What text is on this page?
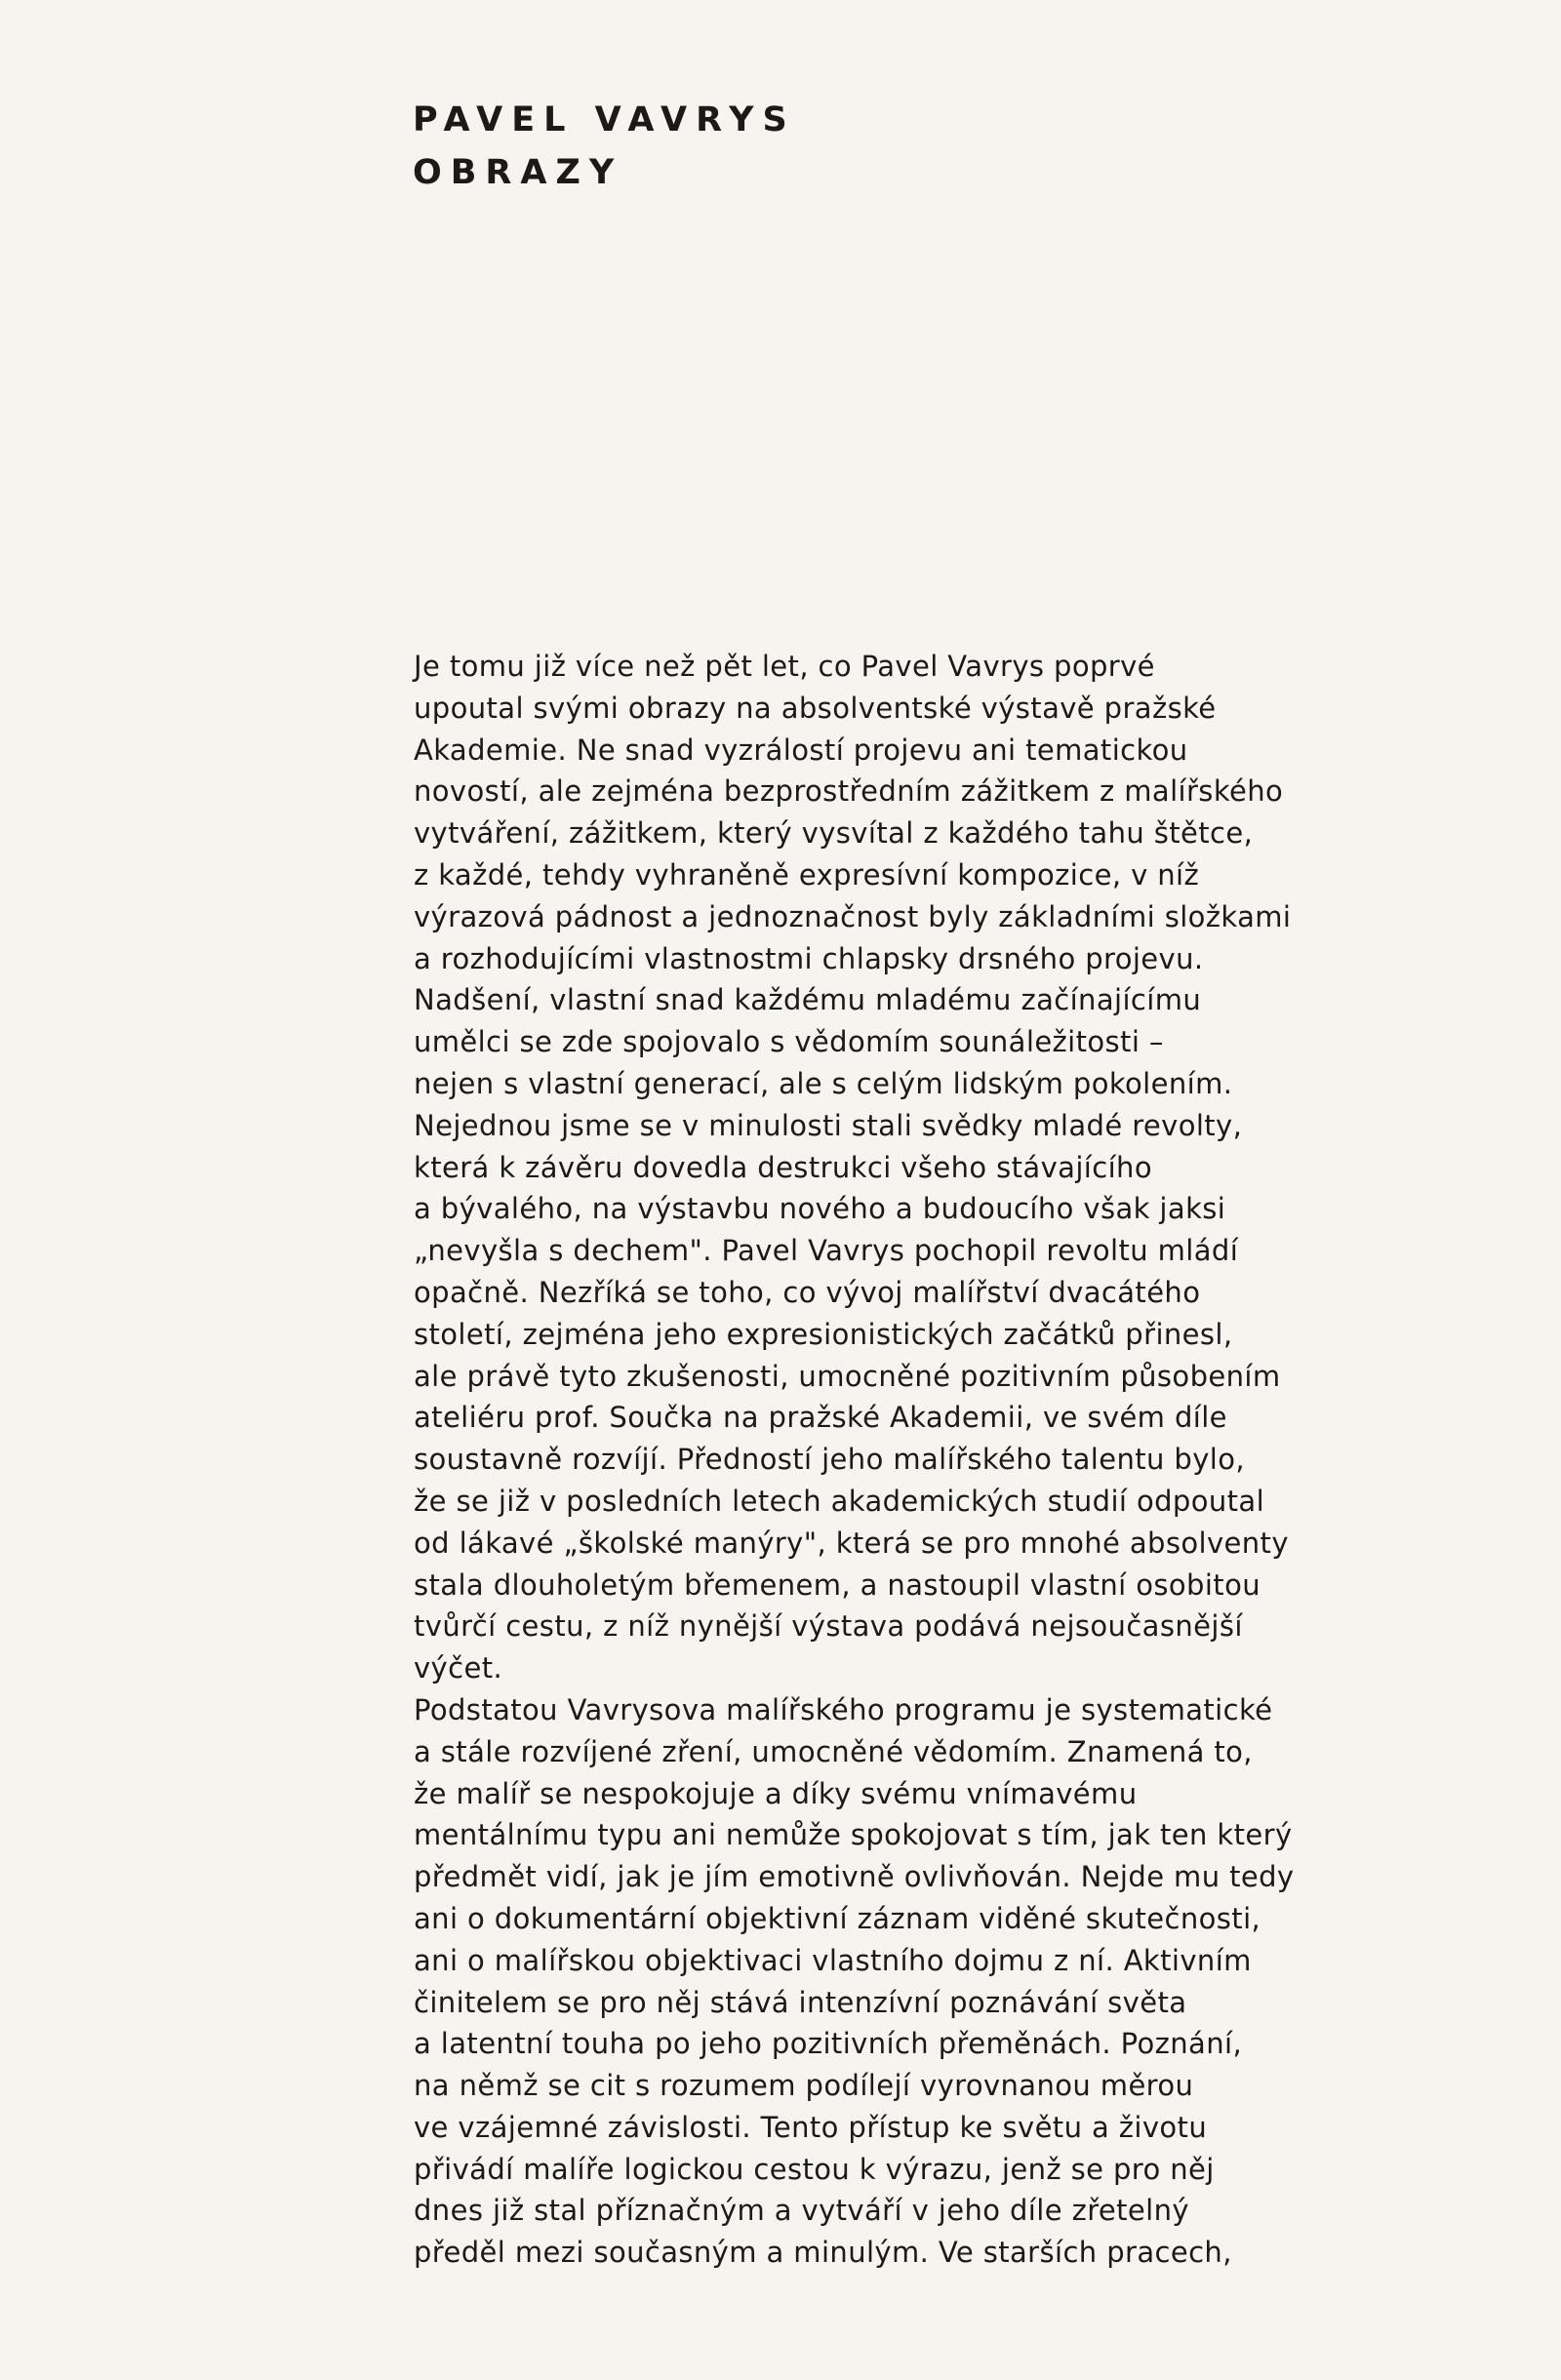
PAVEL VAVRYS
OBRAZY
Je tomu již více než pět let, co Pavel Vavrys poprvé
upoutal svými obrazy na absolventské výstavě pražské
Akademie. Ne snad vyzrálostí projevu ani tematickou
novostí, ale zejména bezprostředním zážitkem z malířského
vytváření, zážitkem, který vysvítal z každého tahu štětce,
z každé, tehdy vyhraněně expresívní kompozice, v níž
výrazová pádnost a jednoznačnost byly základními složkami
a rozhodujícími vlastnostmi chlapsky drsného projevu.
Nadšení, vlastní snad každému mladému začínajícímu
umělci se zde spojovalo s vědomím sounáležitosti –
nejen s vlastní generací, ale s celým lidským pokolením.
Nejednou jsme se v minulosti stali svědky mladé revolty,
která k závěru dovedla destrukci všeho stávajícího
a bývalého, na výstavbu nového a budoucího však jaksi
„nevyšla s dechem". Pavel Vavrys pochopil revoltu mládí
opačně. Nezříká se toho, co vývoj malířství dvacátého
století, zejména jeho expresionistických začátků přinesl,
ale právě tyto zkušenosti, umocněné pozitivním působením
ateliéru prof. Součka na pražské Akademii, ve svém díle
soustavně rozvíjí. Předností jeho malířského talentu bylo,
že se již v posledních letech akademických studií odpoutal
od lákavé „školské manýry", která se pro mnohé absolventy
stala dlouholetým břemenem, a nastoupil vlastní osobitou
tvůrčí cestu, z níž nynější výstava podává nejsoučasnější
výčet.
Podstatou Vavrysova malířského programu je systematické
a stále rozvíjené zření, umocněné vědomím. Znamená to,
že malíř se nespokojuje a díky svému vnímavému
mentálnímu typu ani nemůže spokojovat s tím, jak ten který
předmět vidí, jak je jím emotivně ovlivňován. Nejde mu tedy
ani o dokumentární objektivní záznam viděné skutečnosti,
ani o malířskou objektivaci vlastního dojmu z ní. Aktivním
činitelem se pro něj stává intenzívní poznávání světa
a latentní touha po jeho pozitivních přeměnách. Poznání,
na němž se cit s rozumem podílejí vyrovnanou měrou
ve vzájemné závislosti. Tento přístup ke světu a životu
přivádí malíře logickou cestou k výrazu, jenž se pro něj
dnes již stal příznačným a vytváří v jeho díle zřetelný
předěl mezi současným a minulým. Ve starších pracech,
